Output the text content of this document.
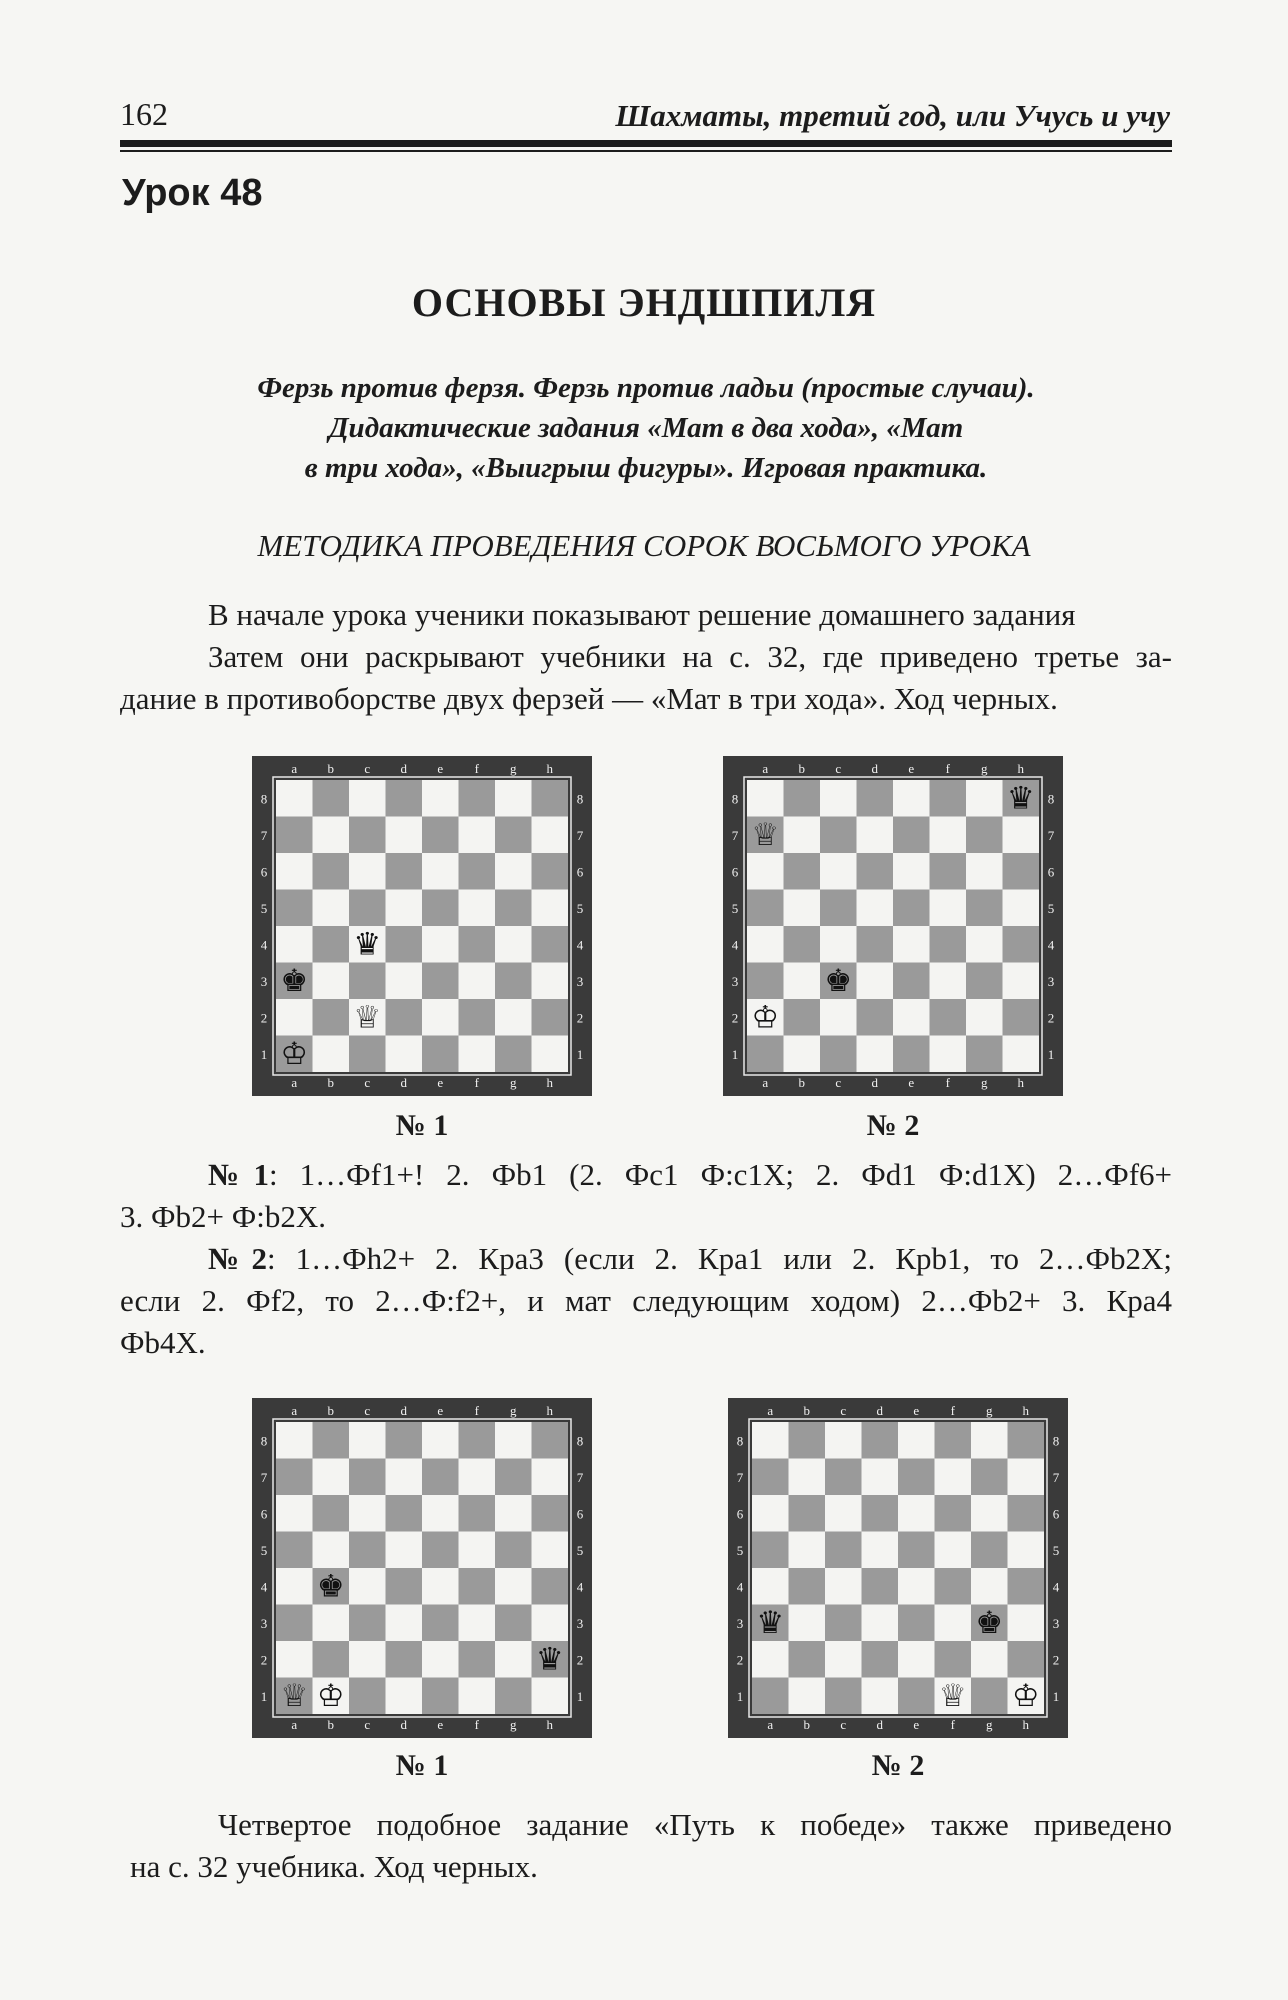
162	Шахматы, третий год, или Учусь и учу
Урок 48
ОСНОВЫ ЭНДШПИЛЯ
Ферзь против ферзя. Ферзь против ладьи (простые случаи).
Дидактические задания «Мат в два хода», «Мат
в три хода», «Выигрыш фигуры». Игровая практика.
МЕТОДИКА ПРОВЕДЕНИЯ СОРОК ВОСЬМОГО УРОКА
В начале урока ученики показывают решение домашнего задания
Затем они раскрывают учебники на с. 32, где приведено третье за-
дание в противоборстве двух ферзей — «Мат в три хода». Ход черных.
a
a
b
b
c
c
d
d
e
e
f
f
g
g
h
h
8	8
7	7
6	6
5	5
4	4
3	3
2	2
1	1
♛
♚
♕
♔
a
a
b
b
c
c
d
d
e
e
f
f
g
g
h
h
8	8
7	7
6	6
5	5
4	4
3	3
2	2
1	1
♛
♕
♚
♔
№ 1	№ 2
№1: 1…Фf1+! 2. Фb1 (2. Фc1 Ф:c1X; 2. Фd1 Ф:d1X) 2…Фf6+
3. Фb2+ Ф:b2X.
№2: 1…Фh2+ 2. Кра3 (если 2. Кра1 или 2. Крb1, то 2…Фb2X;
если 2. Фf2, то 2…Ф:f2+, и мат следующим ходом) 2…Фb2+ 3. Кра4
Фb4X.
a
a
b
b
c
c
d
d
e
e
f
f
g
g
h
h
8	8
7	7
6	6
5	5
4	4
3	3
2	2
1	1
♚
♛
♕ ♔
a
a
b
b
c
c
d
d
e
e
f
f
g
g
h
h
8	8
7	7
6	6
5	5
4	4
3	3
2	2
1	1
♛	♚
♕ ♔
№ 1	№ 2
Четвертое подобное задание «Путь к победе» также приведено
на с. 32 учебника. Ход черных.
